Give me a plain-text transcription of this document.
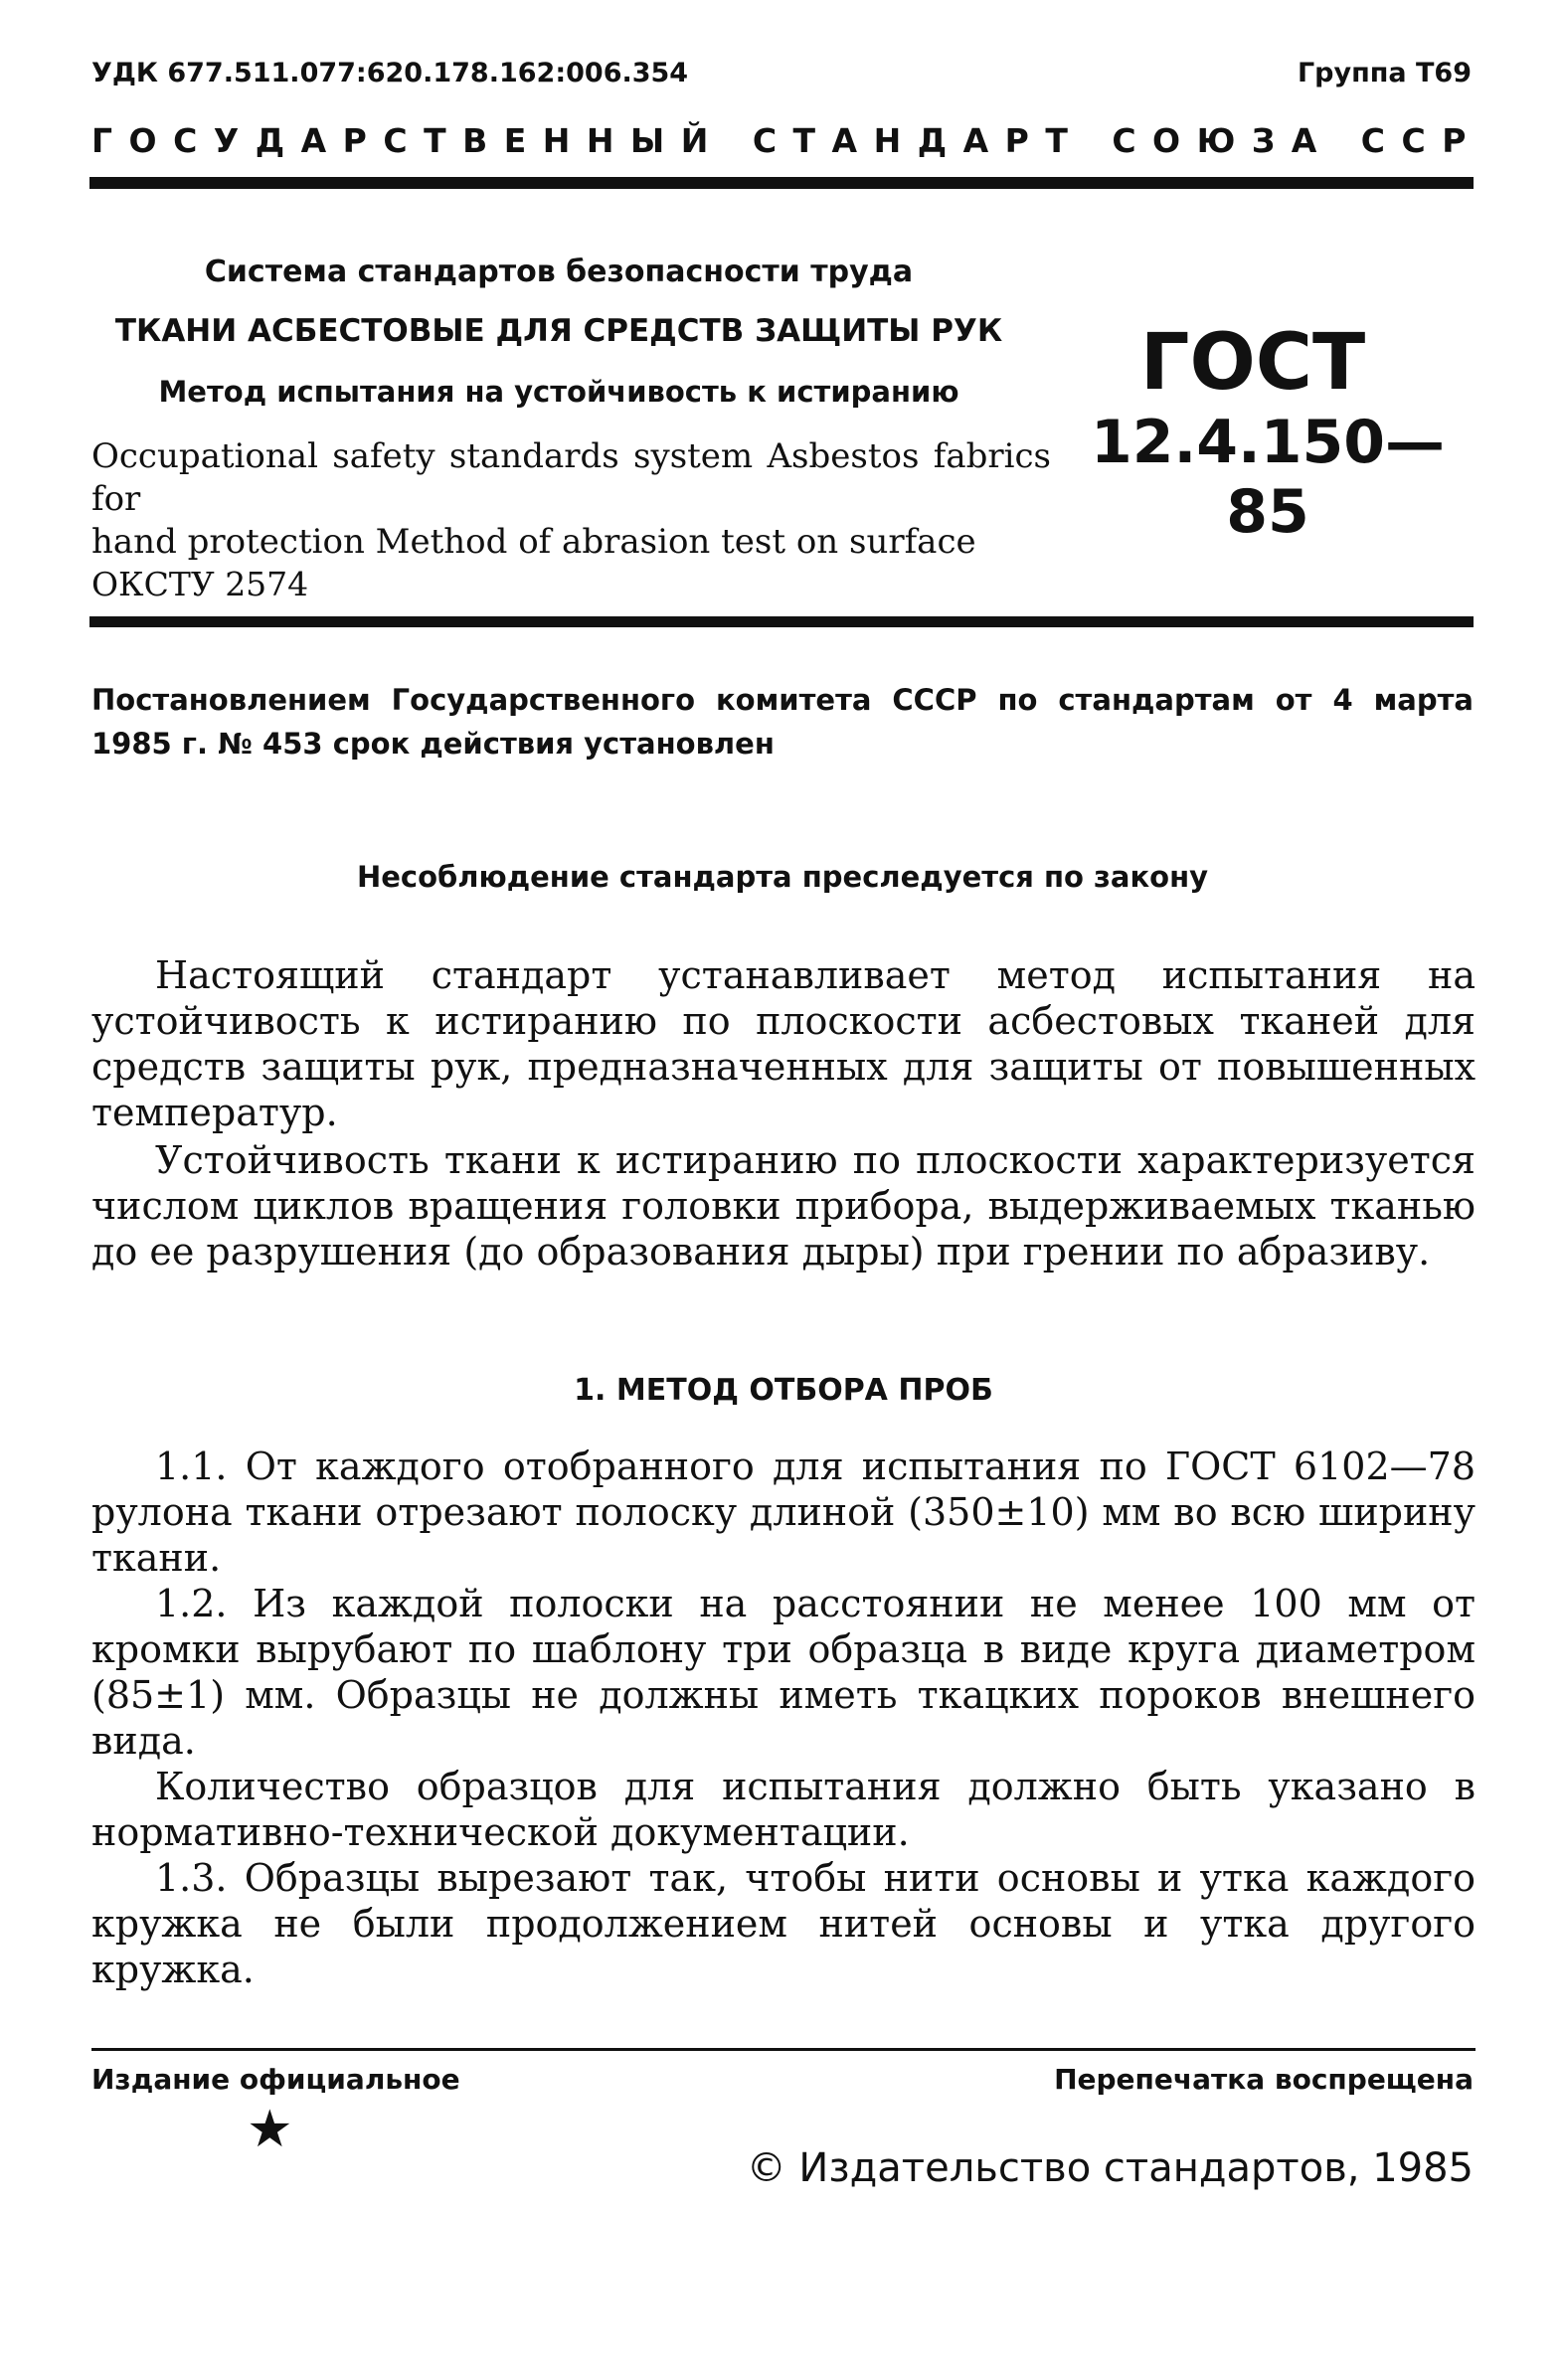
УДК 677.511.077:620.178.162:006.354	Группа Т69
ГОСУДАРСТВЕННЫЙ СТАНДАРТ СОЮЗА ССР
Система стандартов безопасности труда
ТКАНИ АСБЕСТОВЫЕ ДЛЯ СРЕДСТВ ЗАЩИТЫ РУК
Метод испытания на устойчивость к истиранию
Occupational safety standards system Asbestos fabrics for
hand protection Method of abrasion test on surface
ГОСТ
12.4.150—85
ОКСТУ 2574
Постановлением Государственного комитета СССР по стандартам от 4 марта 1985 г. № 453 срок действия установлен
Несоблюдение стандарта преследуется по закону
Настоящий стандарт устанавливает метод испытания на устойчивость к истиранию по плоскости асбестовых тканей для средств защиты рук, предназначенных для защиты от повышенных температур.
Устойчивость ткани к истиранию по плоскости характеризуется числом циклов вращения головки прибора, выдерживаемых тканью до ее разрушения (до образования дыры) при грении по абразиву.
1. МЕТОД ОТБОРА ПРОБ
1.1. От каждого отобранного для испытания по ГОСТ 6102—78 рулона ткани отрезают полоску длиной (350±10) мм во всю ширину ткани.
1.2. Из каждой полоски на расстоянии не менее 100 мм от кромки вырубают по шаблону три образца в виде круга диаметром (85±1) мм. Образцы не должны иметь ткацких пороков внешнего вида.
Количество образцов для испытания должно быть указано в нормативно-технической документации.
1.3. Образцы вырезают так, чтобы нити основы и утка каждого кружка не были продолжением нитей основы и утка другого кружка.
Издание официальное	Перепечатка воспрещена
★
© Издательство стандартов, 1985
